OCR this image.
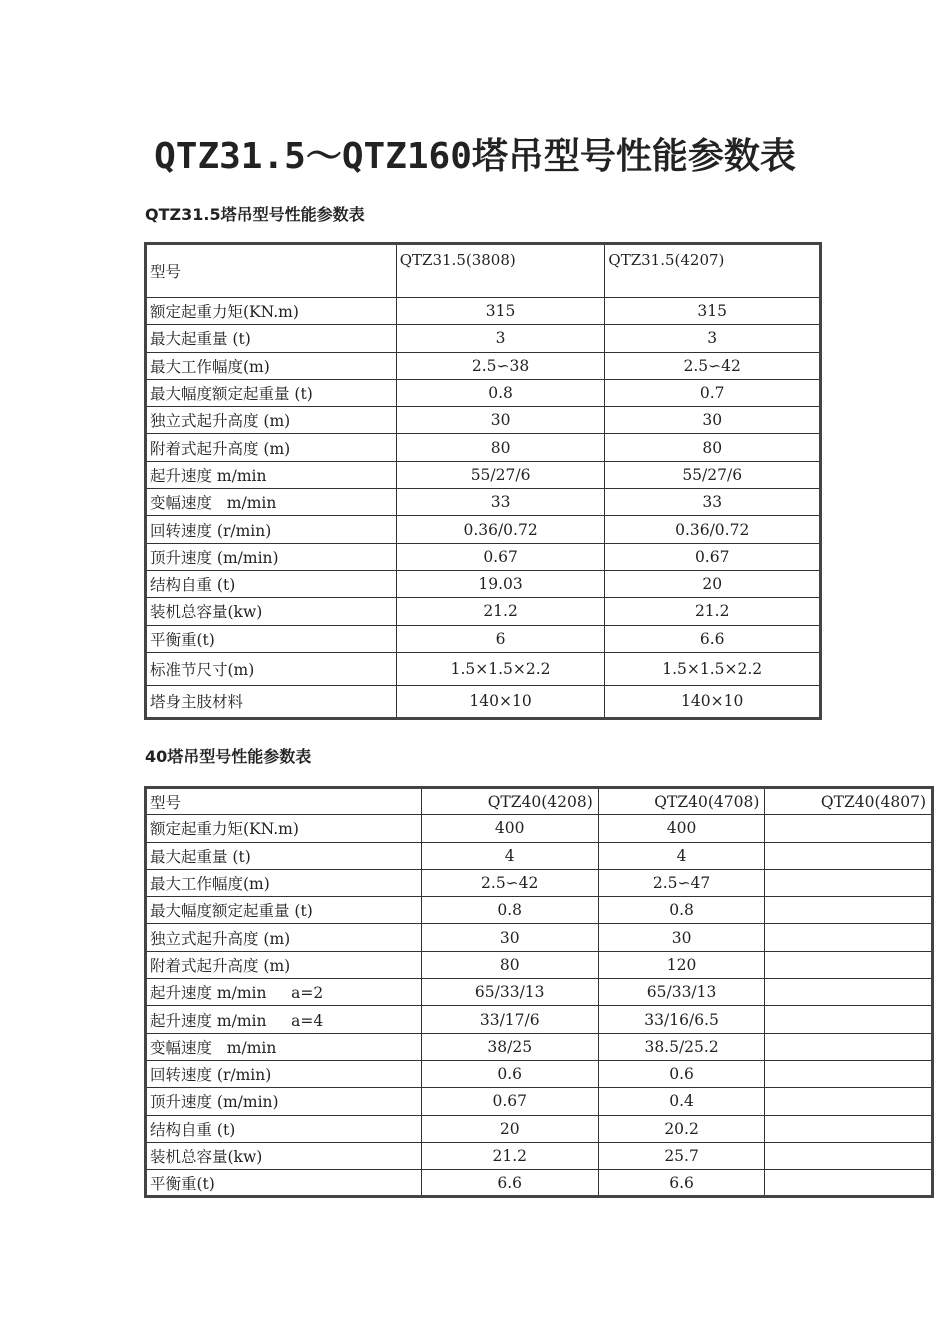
QTZ31.5～QTZ160塔吊型号性能参数表
QTZ31.5塔吊型号性能参数表
型号	QTZ31.5(3808)	QTZ31.5(4207)
额定起重力矩(KN.m)	315	315
最大起重量 (t)	3	3
最大工作幅度(m)	2.5∽38	2.5∽42
最大幅度额定起重量 (t)	0.8	0.7
独立式起升高度 (m)	30	30
附着式起升高度 (m)	80	80
起升速度 m/min	55/27/6	55/27/6
变幅速度   m/min	33	33
回转速度 (r/min)	0.36/0.72	0.36/0.72
顶升速度 (m/min)	0.67	0.67
结构自重 (t)	19.03	20
装机总容量(kw)	21.2	21.2
平衡重(t)	6	6.6
标准节尺寸(m)	1.5×1.5×2.2	1.5×1.5×2.2
塔身主肢材料	140×10	140×10
40塔吊型号性能参数表
型号	QTZ40(4208)	QTZ40(4708)	QTZ40(4807)
额定起重力矩(KN.m)	400	400	
最大起重量 (t)	4	4	
最大工作幅度(m)	2.5∽42	2.5∽47	
最大幅度额定起重量 (t)	0.8	0.8	
独立式起升高度 (m)	30	30	
附着式起升高度 (m)	80	120	
起升速度 m/min     a=2	65/33/13	65/33/13	
起升速度 m/min     a=4	33/17/6	33/16/6.5	
变幅速度   m/min	38/25	38.5/25.2	
回转速度 (r/min)	0.6	0.6	
顶升速度 (m/min)	0.67	0.4	
结构自重 (t)	20	20.2	
装机总容量(kw)	21.2	25.7	
平衡重(t)	6.6	6.6	
